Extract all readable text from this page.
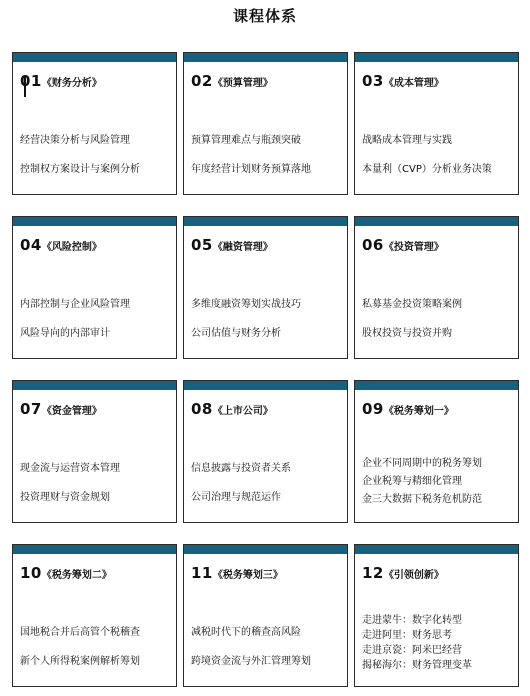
课程体系
01《财务分析》
经营决策分析与风险管理
控制权方案设计与案例分析
02《预算管理》
预算管理难点与瓶颈突破
年度经营计划财务预算落地
03《成本管理》
战略成本管理与实践
本量利（CVP）分析业务决策
04《风险控制》
内部控制与企业风险管理
风险导向的内部审计
05《融资管理》
多维度融资筹划实战技巧
公司估值与财务分析
06《投资管理》
私募基金投资策略案例
股权投资与投资并购
07《资金管理》
现金流与运营资本管理
投资理财与资金规划
08《上市公司》
信息披露与投资者关系
公司治理与规范运作
09《税务筹划一》
企业不同周期中的税务筹划
企业税筹与精细化管理
金三大数据下税务危机防范
10《税务筹划二》
国地税合并后高管个税稽查
新个人所得税案例解析筹划
11《税务筹划三》
减税时代下的稽查高风险
跨境资金流与外汇管理筹划
12《引领创新》
走进蒙牛：数字化转型
走进阿里：财务思考
走进京瓷：阿米巴经营
揭秘海尔：财务管理变革
